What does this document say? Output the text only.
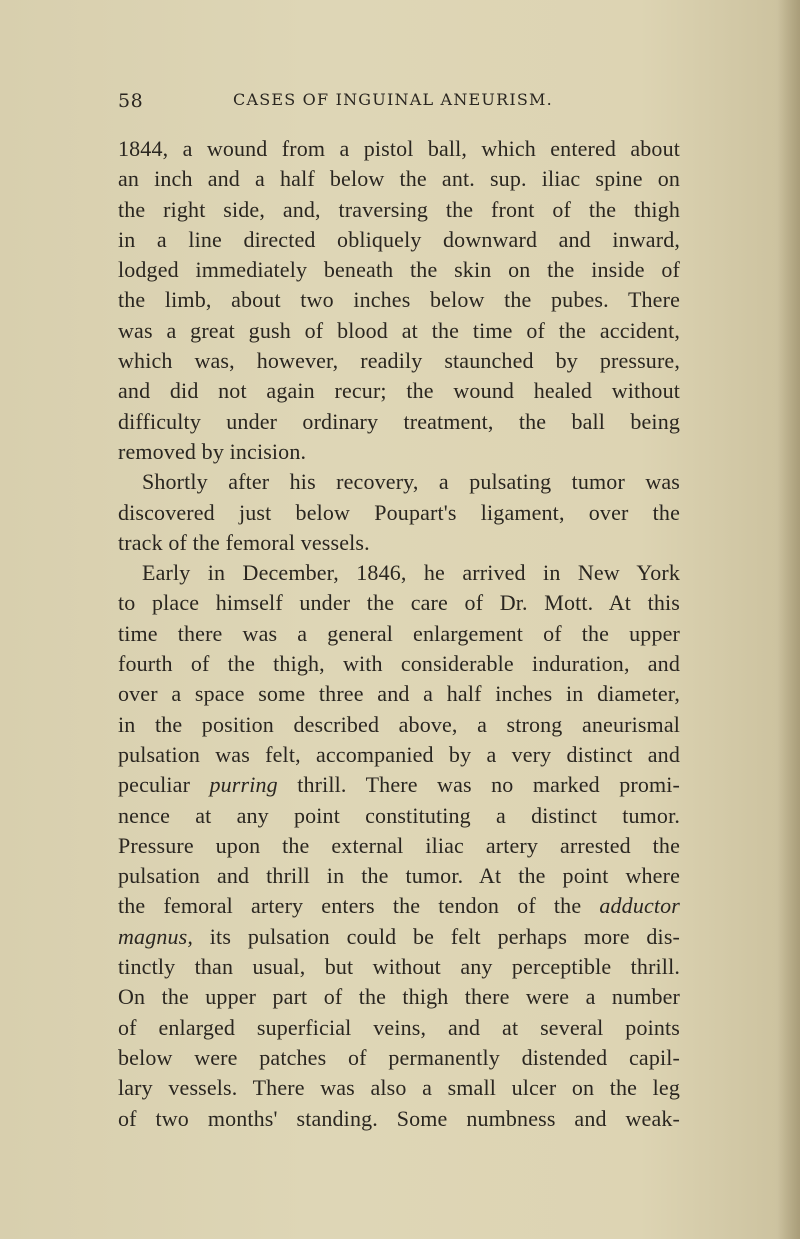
58	CASES OF INGUINAL ANEURISM.
1844, a wound from a pistol ball, which entered about
an inch and a half below the ant. sup. iliac spine on
the right side, and, traversing the front of the thigh
in a line directed obliquely downward and inward,
lodged immediately beneath the skin on the inside of
the limb, about two inches below the pubes. There
was a great gush of blood at the time of the accident,
which was, however, readily staunched by pressure,
and did not again recur; the wound healed without
difficulty under ordinary treatment, the ball being
removed by incision.
Shortly after his recovery, a pulsating tumor was
discovered just below Poupart's ligament, over the
track of the femoral vessels.
Early in December, 1846, he arrived in New York
to place himself under the care of Dr. Mott. At this
time there was a general enlargement of the upper
fourth of the thigh, with considerable induration, and
over a space some three and a half inches in diameter,
in the position described above, a strong aneurismal
pulsation was felt, accompanied by a very distinct and
peculiar purring thrill. There was no marked promi-
nence at any point constituting a distinct tumor.
Pressure upon the external iliac artery arrested the
pulsation and thrill in the tumor. At the point where
the femoral artery enters the tendon of the adductor
magnus, its pulsation could be felt perhaps more dis-
tinctly than usual, but without any perceptible thrill.
On the upper part of the thigh there were a number
of enlarged superficial veins, and at several points
below were patches of permanently distended capil-
lary vessels. There was also a small ulcer on the leg
of two months' standing. Some numbness and weak-
